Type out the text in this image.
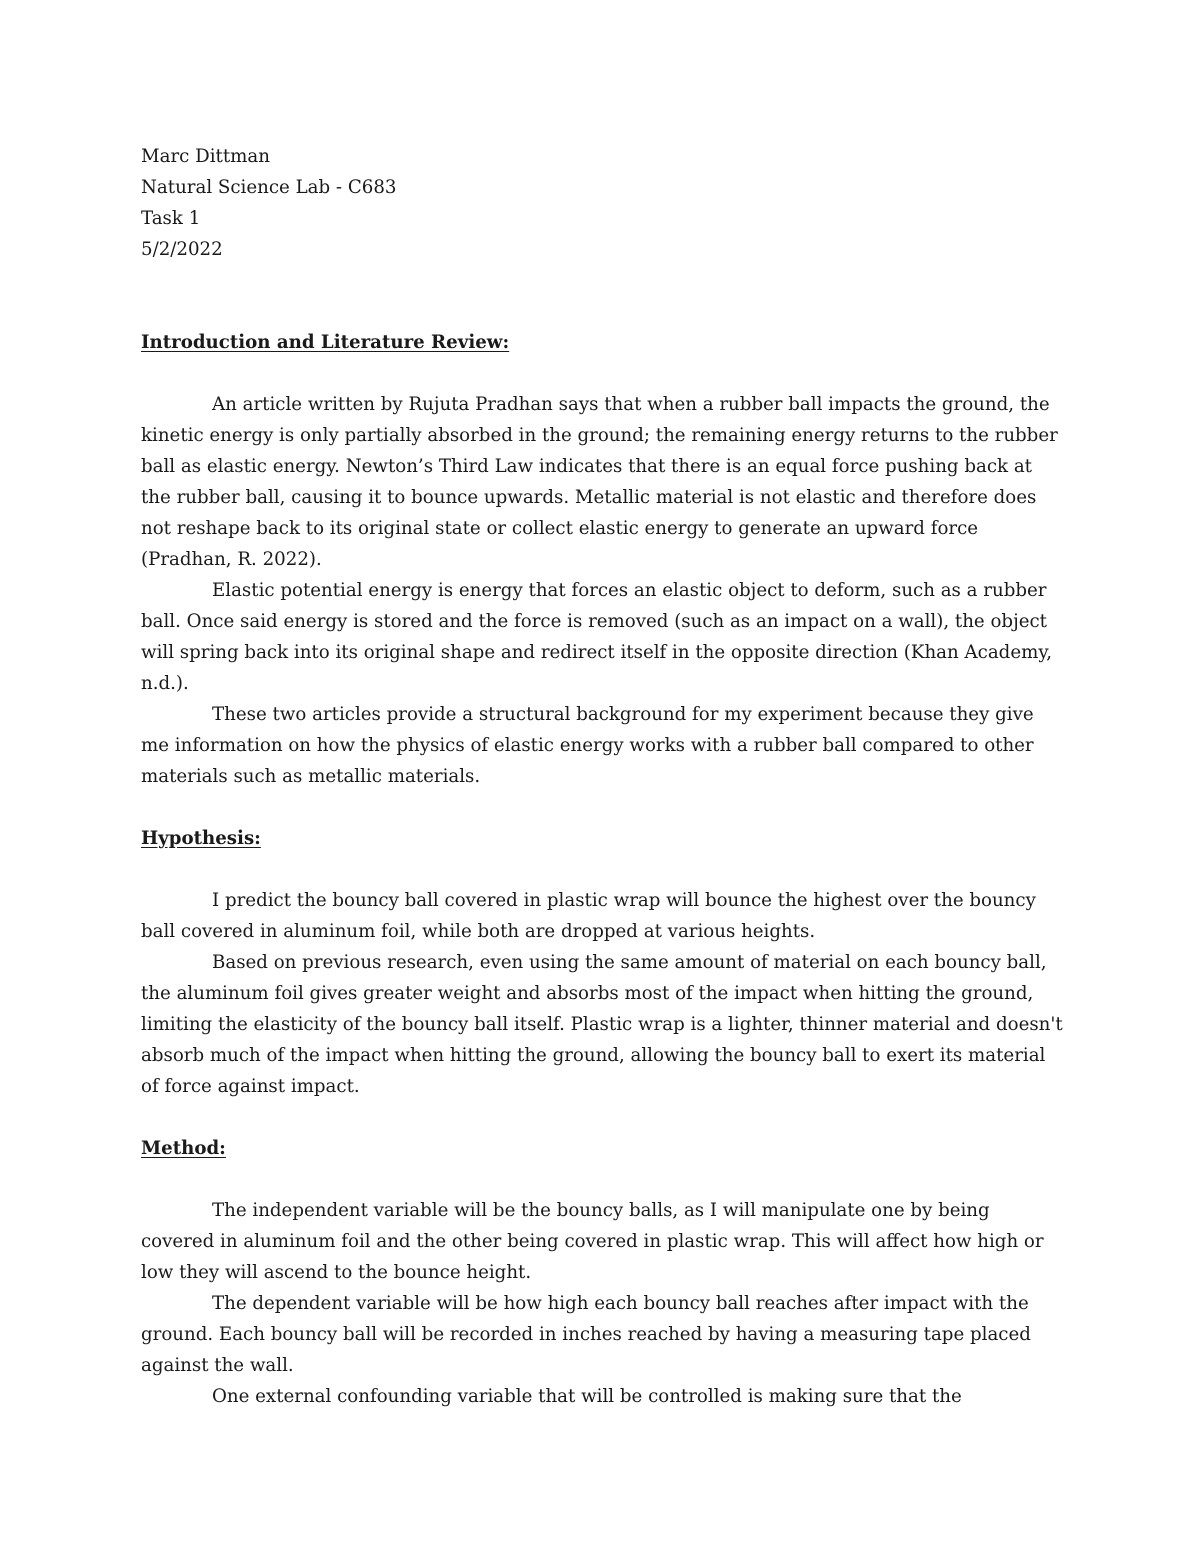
Marc Dittman
Natural Science Lab - C683
Task 1
5/2/2022
Introduction and Literature Review:

An article written by Rujuta Pradhan says that when a rubber ball impacts the ground, the kinetic energy is only partially absorbed in the ground; the remaining energy returns to the rubber ball as elastic energy. Newton’s Third Law indicates that there is an equal force pushing back at the rubber ball, causing it to bounce upwards. Metallic material is not elastic and therefore does not reshape back to its original state or collect elastic energy to generate an upward force (Pradhan, R. 2022).

Elastic potential energy is energy that forces an elastic object to deform, such as a rubber ball. Once said energy is stored and the force is removed (such as an impact on a wall), the object will spring back into its original shape and redirect itself in the opposite direction (Khan Academy, n.d.).

These two articles provide a structural background for my experiment because they give me information on how the physics of elastic energy works with a rubber ball compared to other materials such as metallic materials.

Hypothesis:

I predict the bouncy ball covered in plastic wrap will bounce the highest over the bouncy ball covered in aluminum foil, while both are dropped at various heights.

Based on previous research, even using the same amount of material on each bouncy ball, the aluminum foil gives greater weight and absorbs most of the impact when hitting the ground, limiting the elasticity of the bouncy ball itself. Plastic wrap is a lighter, thinner material and doesn't absorb much of the impact when hitting the ground, allowing the bouncy ball to exert its material of force against impact.

Method:

The independent variable will be the bouncy balls, as I will manipulate one by being covered in aluminum foil and the other being covered in plastic wrap. This will affect how high or low they will ascend to the bounce height.

The dependent variable will be how high each bouncy ball reaches after impact with the ground. Each bouncy ball will be recorded in inches reached by having a measuring tape placed against the wall.

One external confounding variable that will be controlled is making sure that the
